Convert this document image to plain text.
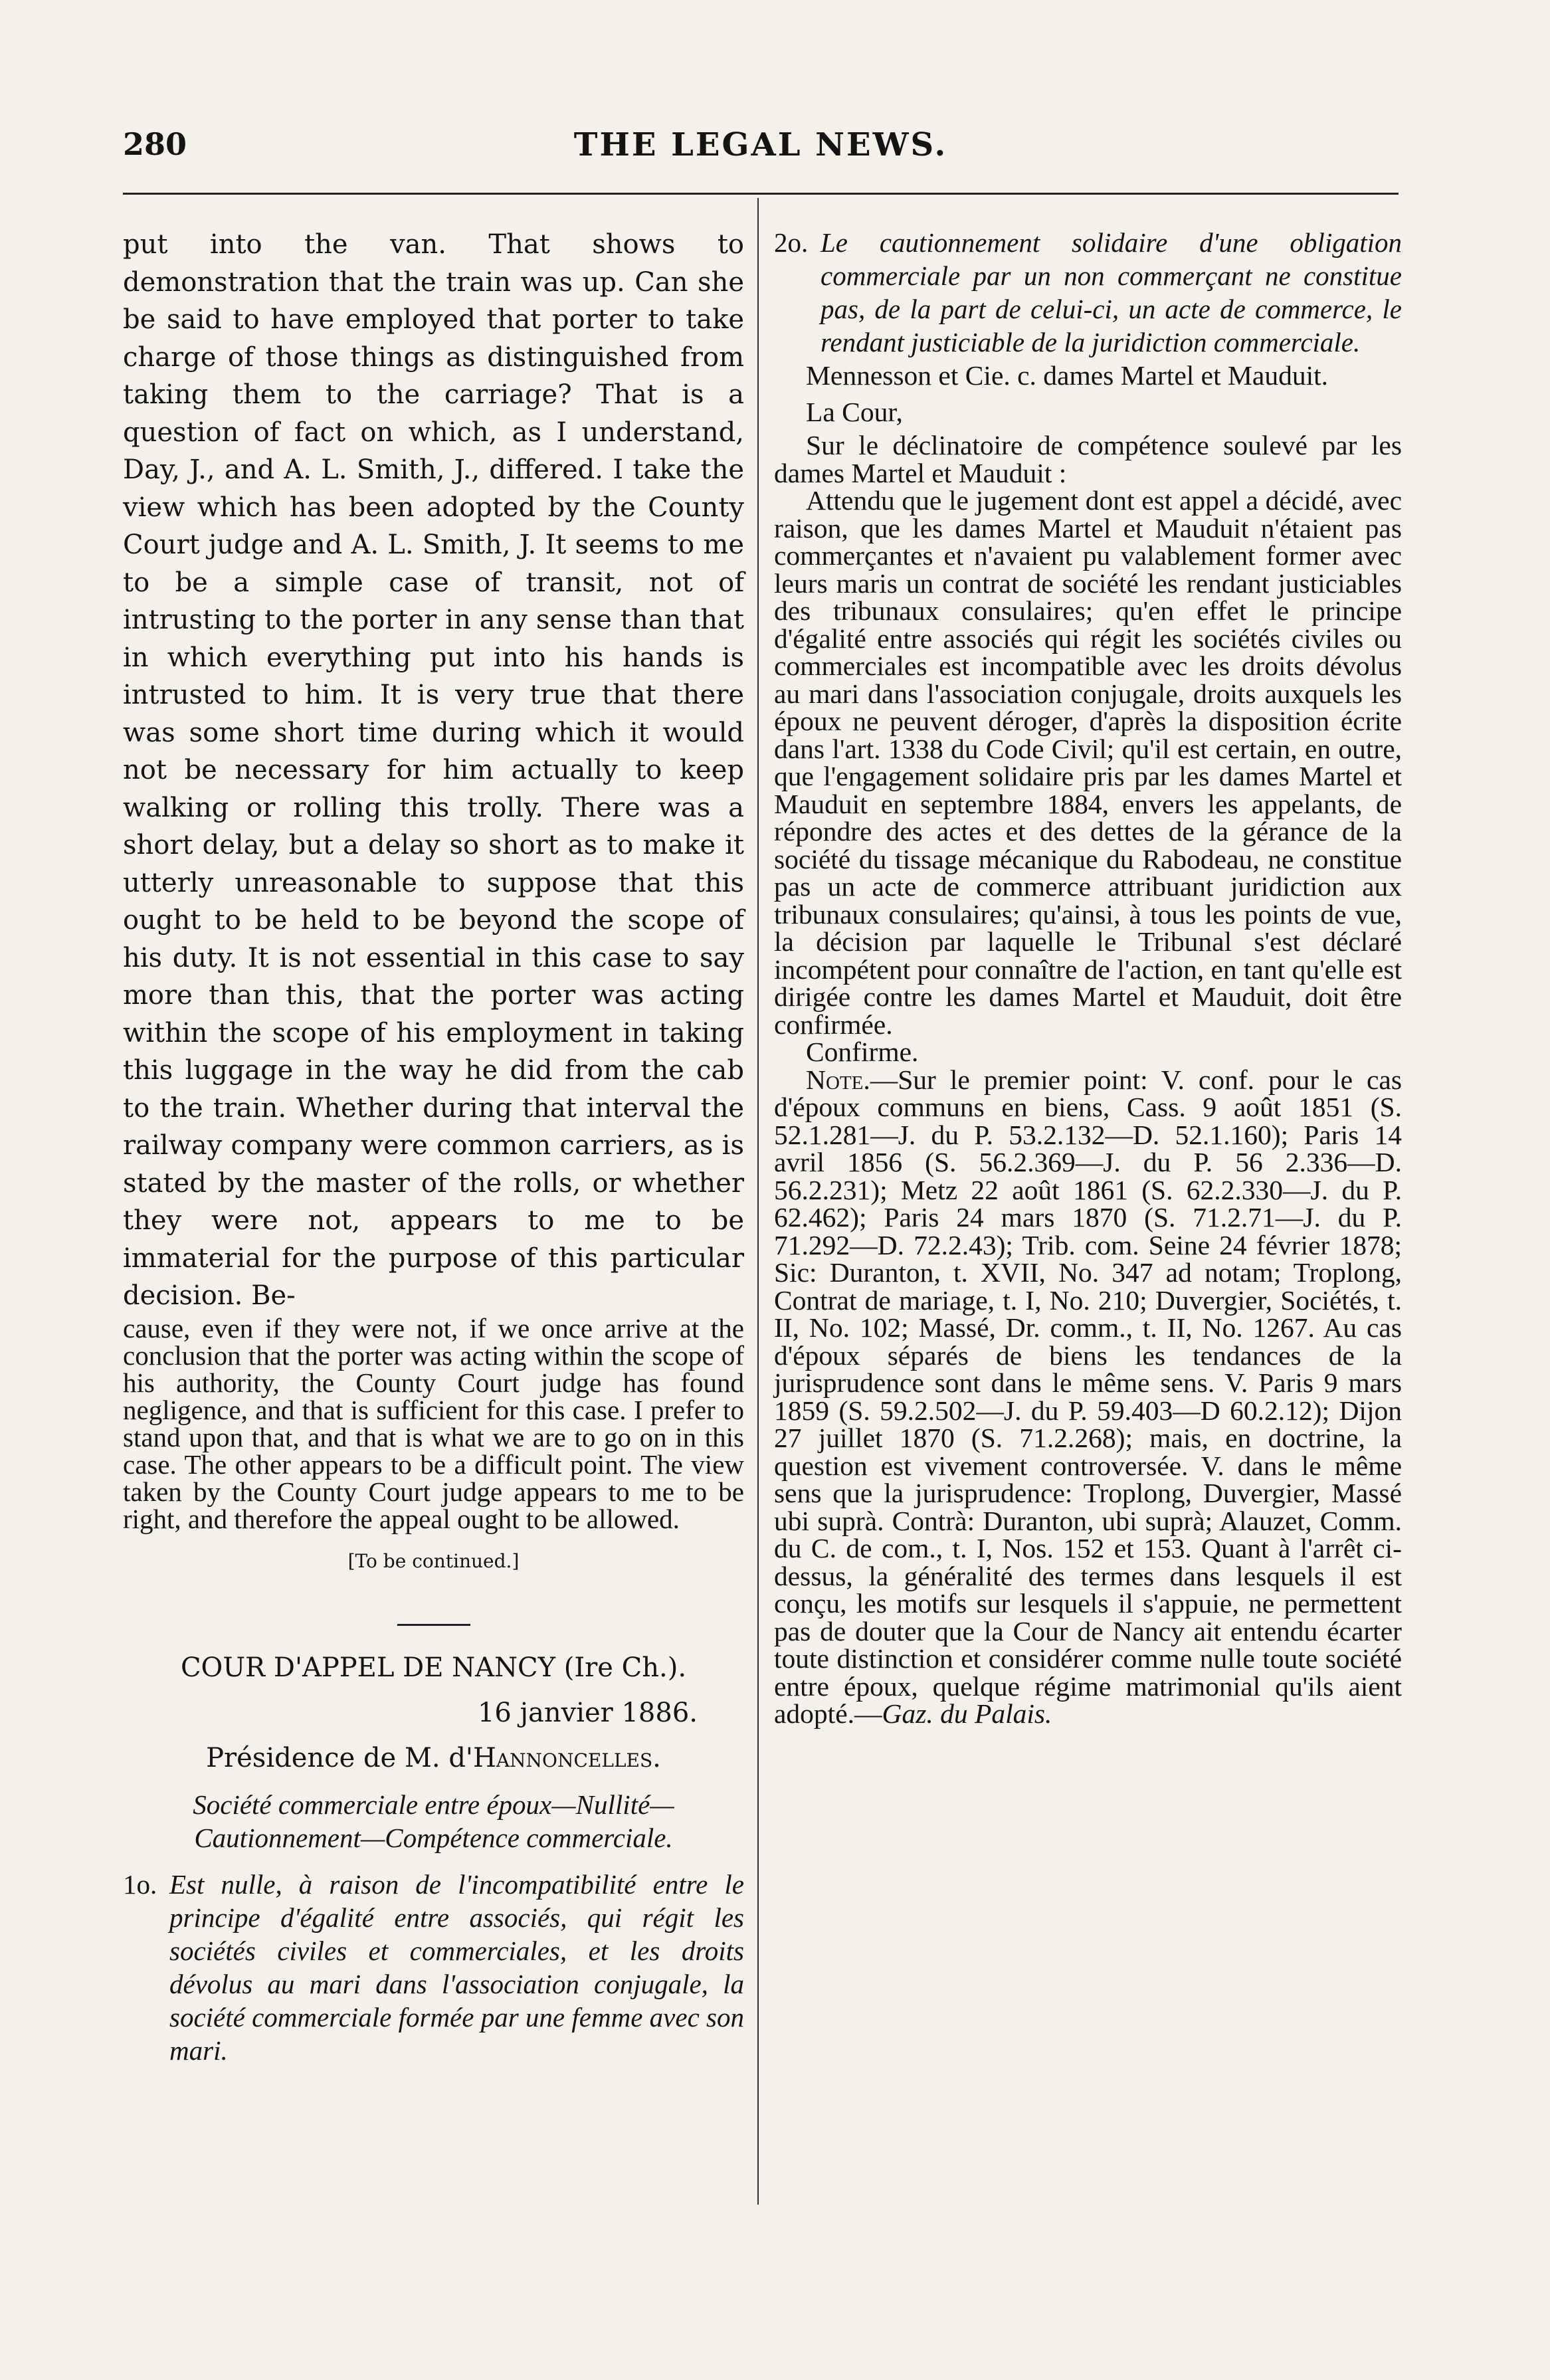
280	THE LEGAL NEWS.

put into the van. That shows to demonstration that the train was up. Can she be said to have employed that porter to take charge of those things as distinguished from taking them to the carriage? That is a question of fact on which, as I understand, Day, J., and A. L. Smith, J., differed. I take the view which has been adopted by the County Court judge and A. L. Smith, J. It seems to me to be a simple case of transit, not of intrusting to the porter in any sense than that in which everything put into his hands is intrusted to him. It is very true that there was some short time during which it would not be necessary for him actually to keep walking or rolling this trolly. There was a short delay, but a delay so short as to make it utterly unreasonable to suppose that this ought to be held to be beyond the scope of his duty. It is not essential in this case to say more than this, that the porter was acting within the scope of his employment in taking this luggage in the way he did from the cab to the train. Whether during that interval the railway company were common carriers, as is stated by the master of the rolls, or whether they were not, appears to me to be immaterial for the purpose of this particular decision. Be-

cause, even if they were not, if we once arrive at the conclusion that the porter was acting within the scope of his authority, the County Court judge has found negligence, and that is sufficient for this case. I prefer to stand upon that, and that is what we are to go on in this case. The other appears to be a difficult point. The view taken by the County Court judge appears to me to be right, and therefore the appeal ought to be allowed.

[To be continued.]
COUR D'APPEL DE NANCY (Ire Ch.).
16 janvier 1886.
Présidence de M. d'Hannoncelles.
Société commerciale entre époux—Nullité—Cautionnement—Compétence commerciale.
1o. Est nulle, à raison de l'incompatibilité entre le principe d'égalité entre associés, qui régit les sociétés civiles et commerciales, et les droits dévolus au mari dans l'association conjugale, la société commerciale formée par une femme avec son mari.
2o. Le cautionnement solidaire d'une obligation commerciale par un non commerçant ne constitue pas, de la part de celui-ci, un acte de commerce, le rendant justiciable de la juridiction commerciale.

Mennesson et Cie. c. dames Martel et Mauduit.

La Cour,

Sur le déclinatoire de compétence soulevé par les dames Martel et Mauduit :

Attendu que le jugement dont est appel a décidé, avec raison, que les dames Martel et Mauduit n'étaient pas commerçantes et n'avaient pu valablement former avec leurs maris un contrat de société les rendant justiciables des tribunaux consulaires; qu'en effet le principe d'égalité entre associés qui régit les sociétés civiles ou commerciales est incompatible avec les droits dévolus au mari dans l'association conjugale, droits auxquels les époux ne peuvent déroger, d'après la disposition écrite dans l'art. 1338 du Code Civil; qu'il est certain, en outre, que l'engagement solidaire pris par les dames Martel et Mauduit en septembre 1884, envers les appelants, de répondre des actes et des dettes de la gérance de la société du tissage mécanique du Rabodeau, ne constitue pas un acte de commerce attribuant juridiction aux tribunaux consulaires; qu'ainsi, à tous les points de vue, la décision par laquelle le Tribunal s'est déclaré incompétent pour connaître de l'action, en tant qu'elle est dirigée contre les dames Martel et Mauduit, doit être confirmée.

Confirme.

Note.—Sur le premier point: V. conf. pour le cas d'époux communs en biens, Cass. 9 août 1851 (S. 52.1.281—J. du P. 53.2.132—D. 52.1.160); Paris 14 avril 1856 (S. 56.2.369—J. du P. 56 2.336—D. 56.2.231); Metz 22 août 1861 (S. 62.2.330—J. du P. 62.462); Paris 24 mars 1870 (S. 71.2.71—J. du P. 71.292—D. 72.2.43); Trib. com. Seine 24 février 1878; Sic: Duranton, t. XVII, No. 347 ad notam; Troplong, Contrat de mariage, t. I, No. 210; Duvergier, Sociétés, t. II, No. 102; Massé, Dr. comm., t. II, No. 1267. Au cas d'époux séparés de biens les tendances de la jurisprudence sont dans le même sens. V. Paris 9 mars 1859 (S. 59.2.502—J. du P. 59.403—D 60.2.12); Dijon 27 juillet 1870 (S. 71.2.268); mais, en doctrine, la question est vivement controversée. V. dans le même sens que la jurisprudence: Troplong, Duvergier, Massé ubi suprà. Contrà: Duranton, ubi suprà; Alauzet, Comm. du C. de com., t. I, Nos. 152 et 153. Quant à l'arrêt ci-dessus, la généralité des termes dans lesquels il est conçu, les motifs sur lesquels il s'appuie, ne permettent pas de douter que la Cour de Nancy ait entendu écarter toute distinction et considérer comme nulle toute société entre époux, quelque régime matrimonial qu'ils aient adopté.—Gaz. du Palais.
